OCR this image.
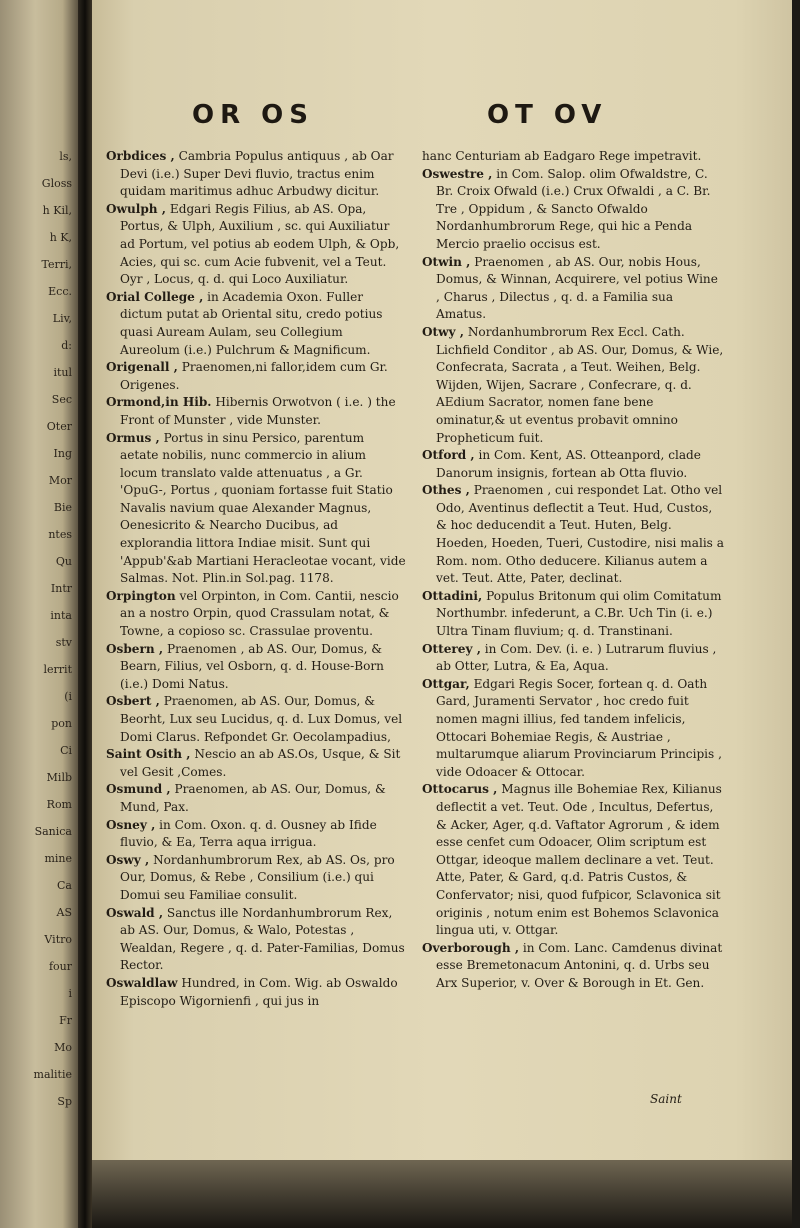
ls,
Gloss
h Kil,
h K,
Terri,
Ecc.
Liv,
d:
itul
Sec
Oter
Ing
Mor
Bie
ntes
Qu
Intr
inta
stv
lerrit
(i
pon
Ci
Milb
Rom
Sanica
mine
Ca
AS
Vitro
four
i
Fr
Mo
malitie
Sp
OR OS	OT OV

Orbdices , Cambria Populus antiquus , ab Oar Devi (i.e.) Super Devi fluvio, tractus enim quidam maritimus adhuc Arbudwy dicitur.

Owulph , Edgari Regis Filius, ab AS. Opa, Portus, & Ulph, Auxilium , sc. qui Auxiliatur ad Portum, vel potius ab eodem Ulph, & Opb, Acies, qui sc. cum Acie fubvenit, vel a Teut. Oyr , Locus, q. d. qui Loco Auxiliatur.

Orial College , in Academia Oxon. Fuller dictum putat ab Oriental situ, credo potius quasi Auream Aulam, seu Collegium Aureolum (i.e.) Pulchrum & Magnificum.

Origenall , Praenomen,ni fallor,idem cum Gr. Origenes.

Ormond,in Hib. Hibernis Orwotvon ( i.e. ) the Front of Munster , vide Munster.

Ormus , Portus in sinu Persico, parentum aetate nobilis, nunc commercio in alium locum translato valde attenuatus , a Gr. 'OpuG-, Portus , quoniam fortasse fuit Statio Navalis navium quae Alexander Magnus, Oenesicrito & Nearcho Ducibus, ad explorandia littora Indiae misit. Sunt qui 'Appub'&ab Martiani Heracleotae vocant, vide Salmas. Not. Plin.in Sol.pag. 1178.

Orpington vel Orpinton, in Com. Cantii, nescio an a nostro Orpin, quod Crassulam notat, & Towne, a copioso sc. Crassulae proventu.

Osbern , Praenomen , ab AS. Our, Domus, & Bearn, Filius, vel Osborn, q. d. House-Born (i.e.) Domi Natus.

Osbert , Praenomen, ab AS. Our, Domus, & Beorht, Lux seu Lucidus, q. d. Lux Domus, vel Domi Clarus. Refpondet Gr. Oecolampadius,

Saint Osith , Nescio an ab AS.Os, Usque, & Sit vel Gesit ,Comes.

Osmund , Praenomen, ab AS. Our, Domus, & Mund, Pax.

Osney , in Com. Oxon. q. d. Ousney ab Ifide fluvio, & Ea, Terra aqua irrigua.

Oswy , Nordanhumbrorum Rex, ab AS. Os, pro Our, Domus, & Rebe , Consilium (i.e.) qui Domui seu Familiae consulit.

Oswald , Sanctus ille Nordanhumbrorum Rex, ab AS. Our, Domus, & Walo, Potestas , Wealdan, Regere , q. d. Pater-Familias, Domus Rector.

Oswaldlaw Hundred, in Com. Wig. ab Oswaldo Episcopo Wigornienfi , qui jus in

hanc Centuriam ab Eadgaro Rege impetravit.

Oswestre , in Com. Salop. olim Ofwaldstre, C. Br. Croix Ofwald (i.e.) Crux Ofwaldi , a C. Br. Tre , Oppidum , & Sancto Ofwaldo Nordanhumbrorum Rege, qui hic a Penda Mercio praelio occisus est.

Otwin , Praenomen , ab AS. Our, nobis Hous, Domus, & Winnan, Acquirere, vel potius Wine , Charus , Dilectus , q. d. a Familia sua Amatus.

Otwy , Nordanhumbrorum Rex Eccl. Cath. Lichfield Conditor , ab AS. Our, Domus, & Wie, Confecrata, Sacrata , a Teut. Weihen, Belg. Wijden, Wijen, Sacrare , Confecrare, q. d. AEdium Sacrator, nomen fane bene ominatur,& ut eventus probavit omnino Propheticum fuit.

Otford , in Com. Kent, AS. Otteanpord, clade Danorum insignis, fortean ab Otta fluvio.

Othes , Praenomen , cui respondet Lat. Otho vel Odo, Aventinus deflectit a Teut. Hud, Custos, & hoc deducendit a Teut. Huten, Belg. Hoeden, Hoeden, Tueri, Custodire, nisi malis a Rom. nom. Otho deducere. Kilianus autem a vet. Teut. Atte, Pater, declinat.

Ottadini, Populus Britonum qui olim Comitatum Northumbr. infederunt, a C.Br. Uch Tin (i. e.) Ultra Tinam fluvium; q. d. Transtinani.

Otterey , in Com. Dev. (i. e. ) Lutrarum fluvius , ab Otter, Lutra, & Ea, Aqua.

Ottgar, Edgari Regis Socer, fortean q. d. Oath Gard, Juramenti Servator , hoc credo fuit nomen magni illius, fed tandem infelicis, Ottocari Bohemiae Regis, & Austriae , multarumque aliarum Provinciarum Principis , vide Odoacer & Ottocar.

Ottocarus , Magnus ille Bohemiae Rex, Kilianus deflectit a vet. Teut. Ode , Incultus, Defertus, & Acker, Ager, q.d. Vaftator Agrorum , & idem esse cenfet cum Odoacer, Olim scriptum est Ottgar, ideoque mallem declinare a vet. Teut. Atte, Pater, & Gard, q.d. Patris Custos, & Confervator; nisi, quod fufpicor, Sclavonica sit originis , notum enim est Bohemos Sclavonica lingua uti, v. Ottgar.

Overborough , in Com. Lanc. Camdenus divinat esse Bremetonacum Antonini, q. d. Urbs seu Arx Superior, v. Over & Borough in Et. Gen.

Saint
